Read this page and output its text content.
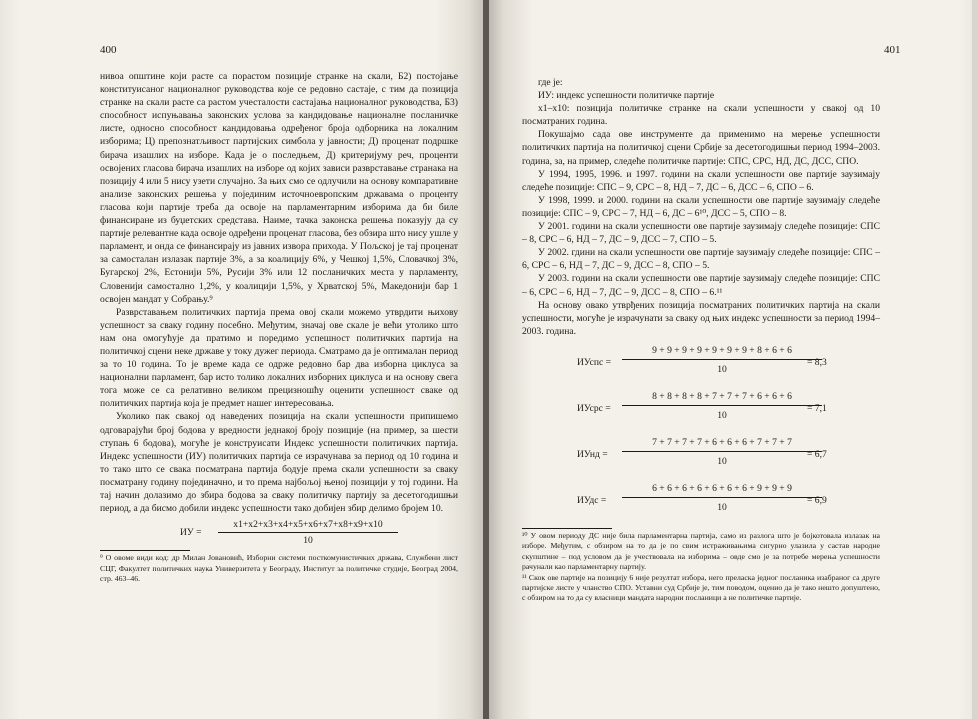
400

нивоа општине који расте са порастом позиције странке на скали, Б2) постојање конституисаног националног руководства које се редовно састаје, с тим да позиција странке на скали расте са растом учесталости састајања националног руководства, Б3) способност испуњавања законских услова за кандидовање националне посланичке листе, односно способност кандидовања одређеног броја одборника на локалним изборима; Ц) препознатљивост партијских симбола у јавности; Д) проценат подршке бирача изашлих на изборе. Када је о последњем, Д) критеријуму реч, проценти освојених гласова бирача изашлих на изборе од којих зависи разврставање странака на позицију 4 или 5 нису узети случајно. За њих смо се одлучили на основу компаративне анализе законских решења у појединим источноевропским државама о проценту гласова који партије треба да освоје на парламентарним изборима да би биле финансиране из буџетских средстава. Наиме, тачка законска решења показују да су партије релевантне када освоје одређени проценат гласова, без обзира што нису ушле у парламент, и онда се финансирају из јавних извора прихода. У Пољској је тај проценат за самосталан излазак партије 3%, а за коалицију 6%, у Чешкој 1,5%, Словачкој 3%, Бугарској 2%, Естонији 5%, Русији 3% или 12 посланичких места у парламенту, Словенији самостално 1,2%, у коалицији 1,5%, у Хрватској 5%, Македонији бар 1 освојен мандат у Собрању.⁹

Разврставањем политичких партија према овој скали можемо утврдити њихову успешност за сваку годину посебно. Међутим, значај ове скале је већи утолико што нам она омогућује да пратимо и поредимо успешност политичких партија на политичкој сцени неке државе у току дужег периода. Сматрамо да је оптималан период за то 10 година. То је време када се одрже редовно бар два изборна циклуса за национални парламент, бар исто толико локалних изборних циклуса и на основу свега тога може се са релативно великом прецизношћу оценити успешност сваке од политичких партија која је предмет нашег интересовања.

Уколико пак свакој од наведених позиција на скали успешности припишемо одговарајући број бодова у вредности једнакој броју позиције (на пример, за шести ступањ 6 бодова), могуће је конструисати Индекс успешности политичких партија. Индекс успешности (ИУ) политичких партија се израчунава за период од 10 година и то тако што се свака посматрана партија бодује према скали успешности за сваку посматрану годину појединачно, и то према најбољој њеној позицији у тој години. На тај начин долазимо до збира бодова за сваку политичку партију за десетогодишњи период, а да бисмо добили индекс успешности тако добијен збир делимо бројем 10.

ИУ = $\frac{x1+x2+x3+x4+x5+x6+x7+x8+x9+x10}{10}$

⁹ О овоме види код: др Милан Јовановић, Изборни системи посткомунистичких држава, Службени лист СЦГ, Факултет политичких наука Универзитета у Београду, Институт за политичке студије, Београд 2004, стр. 463–46.

401

где је:

ИУ: индекс успешности политичке партије

x1–x10: позиција политичке странке на скали успешности у свакој од 10 посматраних година.

Покушајмо сада ове инструменте да применимо на мерење успешности политичких партија на политичкој сцени Србије за десетогодишњи период 1994–2003. година, за, на пример, следеће политичке партије: СПС, СРС, НД, ДС, ДСС, СПО.

У 1994, 1995, 1996. и 1997. години на скали успешности ове партије заузимају следеће позиције: СПС – 9, СРС – 8, НД – 7, ДС – 6, ДСС – 6, СПО – 6.

У 1998, 1999. и 2000. години на скали успешности ове партије заузимају следеће позиције: СПС – 9, СРС – 7, НД – 6, ДС – 6¹⁰, ДСС – 5, СПО – 8.

У 2001. години на скали успешности ове партије заузимају следеће позиције: СПС – 8, СРС – 6, НД – 7, ДС – 9, ДСС – 7, СПО – 5.

У 2002. гдини на скали успешности ове партије заузимају следеће позиције: СПС – 6, СРС – 6, НД – 7, ДС – 9, ДСС – 8, СПО – 5.

У 2003. години на скали успешности ове партије заузимају следеће позиције: СПС – 6, СРС – 6, НД – 7, ДС – 9, ДСС – 8, СПО – 6.¹¹

На основу овако утврђених позиција посматраних политичких партија на скали успешности, могуће је израчунати за сваку од њих индекс успешности за период 1994–2003. година.

ИУспс = $\frac{9 + 9 + 9 + 9 + 9 + 9 + 9 + 8 + 6 + 6}{10}$
= 8,3
ИУсрс = $\frac{8 + 8 + 8 + 8 + 7 + 7 + 7 + 6 + 6 + 6}{10}$
= 7,1
ИУнд = $\frac{7 + 7 + 7 + 7 + 6 + 6 + 6 + 7 + 7 + 7}{10}$
= 6,7
ИУдс = $\frac{6 + 6 + 6 + 6 + 6 + 6 + 6 + 9 + 9 + 9}{10}$
= 6,9

¹⁰ У овом периоду ДС није била парламентарна партија, само из разлога што је бојкотовала излазак на изборе. Међутим, с обзиром на то да је по свим истраживањима сигурно улазила у састав народне скупштине – под условом да је учествовала на изборима – овде смо је за потребе мерења успешности рачунали као парламентарну партију.

¹¹ Скок ове партије на позицију 6 није резултат избора, него преласка једног посланика изабраног са друге партијске листе у чланство СПО. Уставни суд Србије је, тим поводом, оценио да је тако нешто допуштено, с обзиром на то да су власници мандата народни посланици а не политичке партије.
